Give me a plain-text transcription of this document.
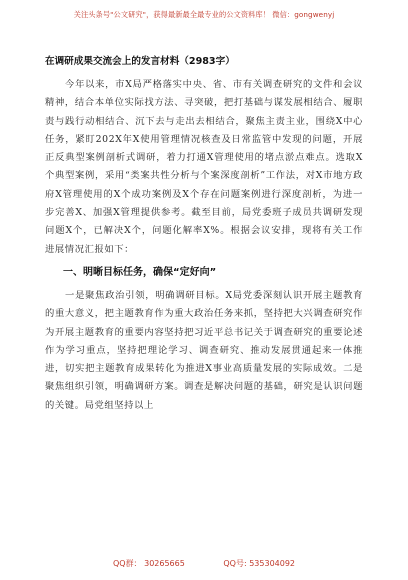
关注头条号"公文研究"，获得最新最全最专业的公文资料库！ 微信：gongwenyj
在调研成果交流会上的发言材料（2983字）

　　今年以来，市X局严格落实中央、省、市有关调查研究的文件和会议精神，结合本单位实际找方法、寻突破，把打基础与谋发展相结合、履职责与践行动相结合、沉下去与走出去相结合，聚焦主责主业，围绕X中心任务，紧盯202X年X使用管理情况核查及日常监管中发现的问题，开展正反典型案例剖析式调研，着力打通X管理使用的堵点淤点难点。选取X个典型案例，采用“类案共性分析与个案深度剖析”工作法，对X市地方政府X管理使用的X个成功案例及X个存在问题案例进行深度剖析，为进一步完善X、加强X管理提供参考。截至目前，局党委班子成员共调研发现问题X个，已解决X个，问题化解率X%。根据会议安排，现将有关工作进展情况汇报如下：

一、明晰目标任务，确保“定好向”

　　一是聚焦政治引领，明确调研目标。X局党委深刻认识开展主题教育的重大意义，把主题教育作为重大政治任务来抓，坚持把大兴调查研究作为开展主题教育的重要内容坚持把习近平总书记关于调查研究的重要论述作为学习重点，坚持把理论学习、调查研究、推动发展贯通起来一体推进，切实把主题教育成果转化为推进X事业高质量发展的实际成效。二是聚焦组织引领，明确调研方案。调查是解决问题的基础，研究是认识问题的关键。局党组坚持以上

QQ群： 30265665	QQ号: 535304092
